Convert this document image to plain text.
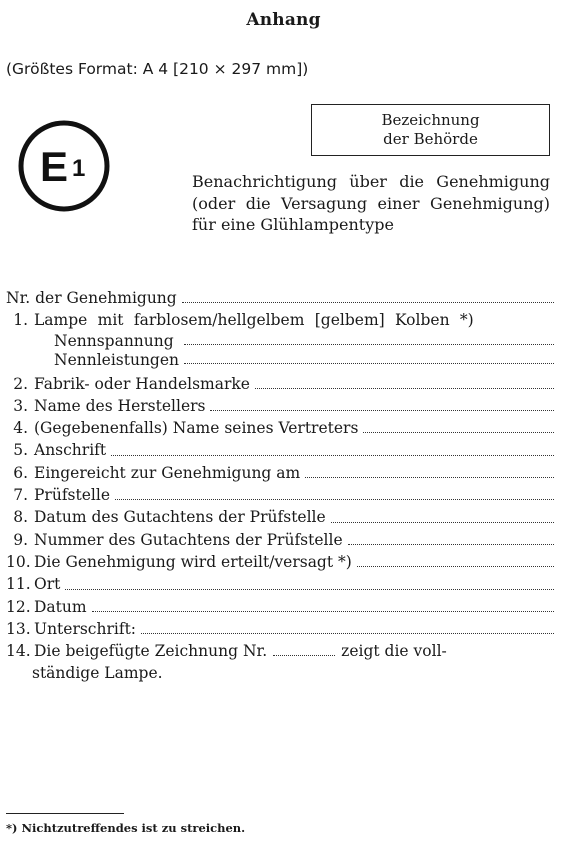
Anhang
(Größtes Format: A 4 [210 × 297 mm])
E 1
Bezeichnung
der Behörde
Benachrichtigung über die Genehmigung (oder die Versagung einer Genehmigung) für eine Glühlampentype
Nr. der Genehmigung
1. Lampe mit farblosem/hellgelbem [gelbem] Kolben *)
Nennspannung
Nennleistungen
2. Fabrik- oder Handelsmarke
3. Name des Herstellers
4. (Gegebenenfalls) Name seines Vertreters
5. Anschrift
6. Eingereicht zur Genehmigung am
7. Prüfstelle
8. Datum des Gutachtens der Prüfstelle
9. Nummer des Gutachtens der Prüfstelle
10. Die Genehmigung wird erteilt/versagt *)
11. Ort
12. Datum
13. Unterschrift:
14. Die beigefügte Zeichnung Nr.	zeigt die voll-
ständige Lampe.
*) Nichtzutreffendes ist zu streichen.
